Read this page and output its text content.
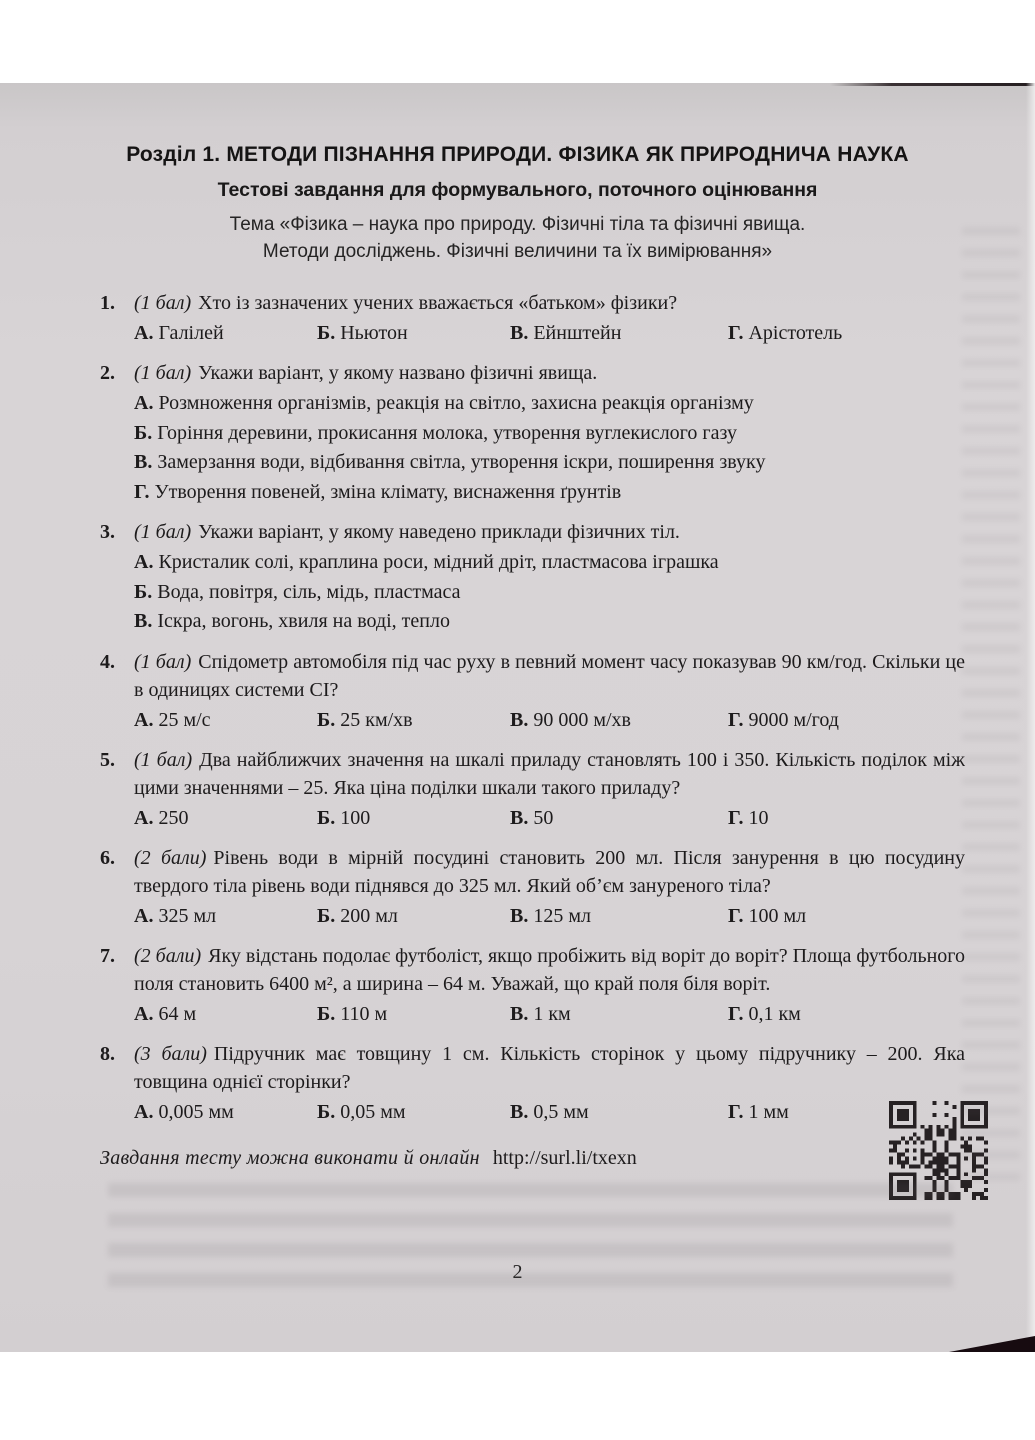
Розділ 1. МЕТОДИ ПІЗНАННЯ ПРИРОДИ. ФІЗИКА ЯК ПРИРОДНИЧА НАУКА
Тестові завдання для формувального, поточного оцінювання
Тема «Фізика – наука про природу. Фізичні тіла та фізичні явища.
Методи досліджень. Фізичні величини та їх вимірювання»
1. (1 бал) Хто із зазначених учених вважається «батьком» фізики?

А. Галілей	Б. Ньютон	В. Ейнштейн	Г. Арістотель
2. (1 бал) Укажи варіант, у якому названо фізичні явища.

А. Розмноження організмів, реакція на світло, захисна реакція організму
Б. Горіння деревини, прокисання молока, утворення вуглекислого газу
В. Замерзання води, відбивання світла, утворення іскри, поширення звуку
Г. Утворення повеней, зміна клімату, виснаження ґрунтів
3. (1 бал) Укажи варіант, у якому наведено приклади фізичних тіл.

А. Кристалик солі, краплина роси, мідний дріт, пластмасова іграшка
Б. Вода, повітря, сіль, мідь, пластмаса
В. Іскра, вогонь, хвиля на воді, тепло
4. (1 бал) Спідометр автомобіля під час руху в певний момент часу показував 90 км/год. Скільки це в одиницях системи СІ?

А. 25 м/с	Б. 25 км/хв	В. 90 000 м/хв	Г. 9000 м/год
5. (1 бал) Два найближчих значення на шкалі приладу становлять 100 і 350. Кількість поділок між цими значеннями – 25. Яка ціна поділки шкали такого приладу?

А. 250	Б. 100	В. 50	Г. 10
6. (2 бали) Рівень води в мірній посудині становить 200 мл. Після занурення в цю посудину твердого тіла рівень води піднявся до 325 мл. Який об’єм зануреного тіла?

А. 325 мл	Б. 200 мл	В. 125 мл	Г. 100 мл
7. (2 бали) Яку відстань подолає футболіст, якщо пробіжить від воріт до воріт? Площа футбольного поля становить 6400 м², а ширина – 64 м. Уважай, що край поля біля воріт.

А. 64 м	Б. 110 м	В. 1 км	Г. 0,1 км
8. (3 бали) Підручник має товщину 1 см. Кількість сторінок у цьому підручнику – 200. Яка товщина однієї сторінки?

А. 0,005 мм	Б. 0,05 мм	В. 0,5 мм	Г. 1 мм

Завдання тесту можна виконати й онлайн http://surl.li/txexn

2
